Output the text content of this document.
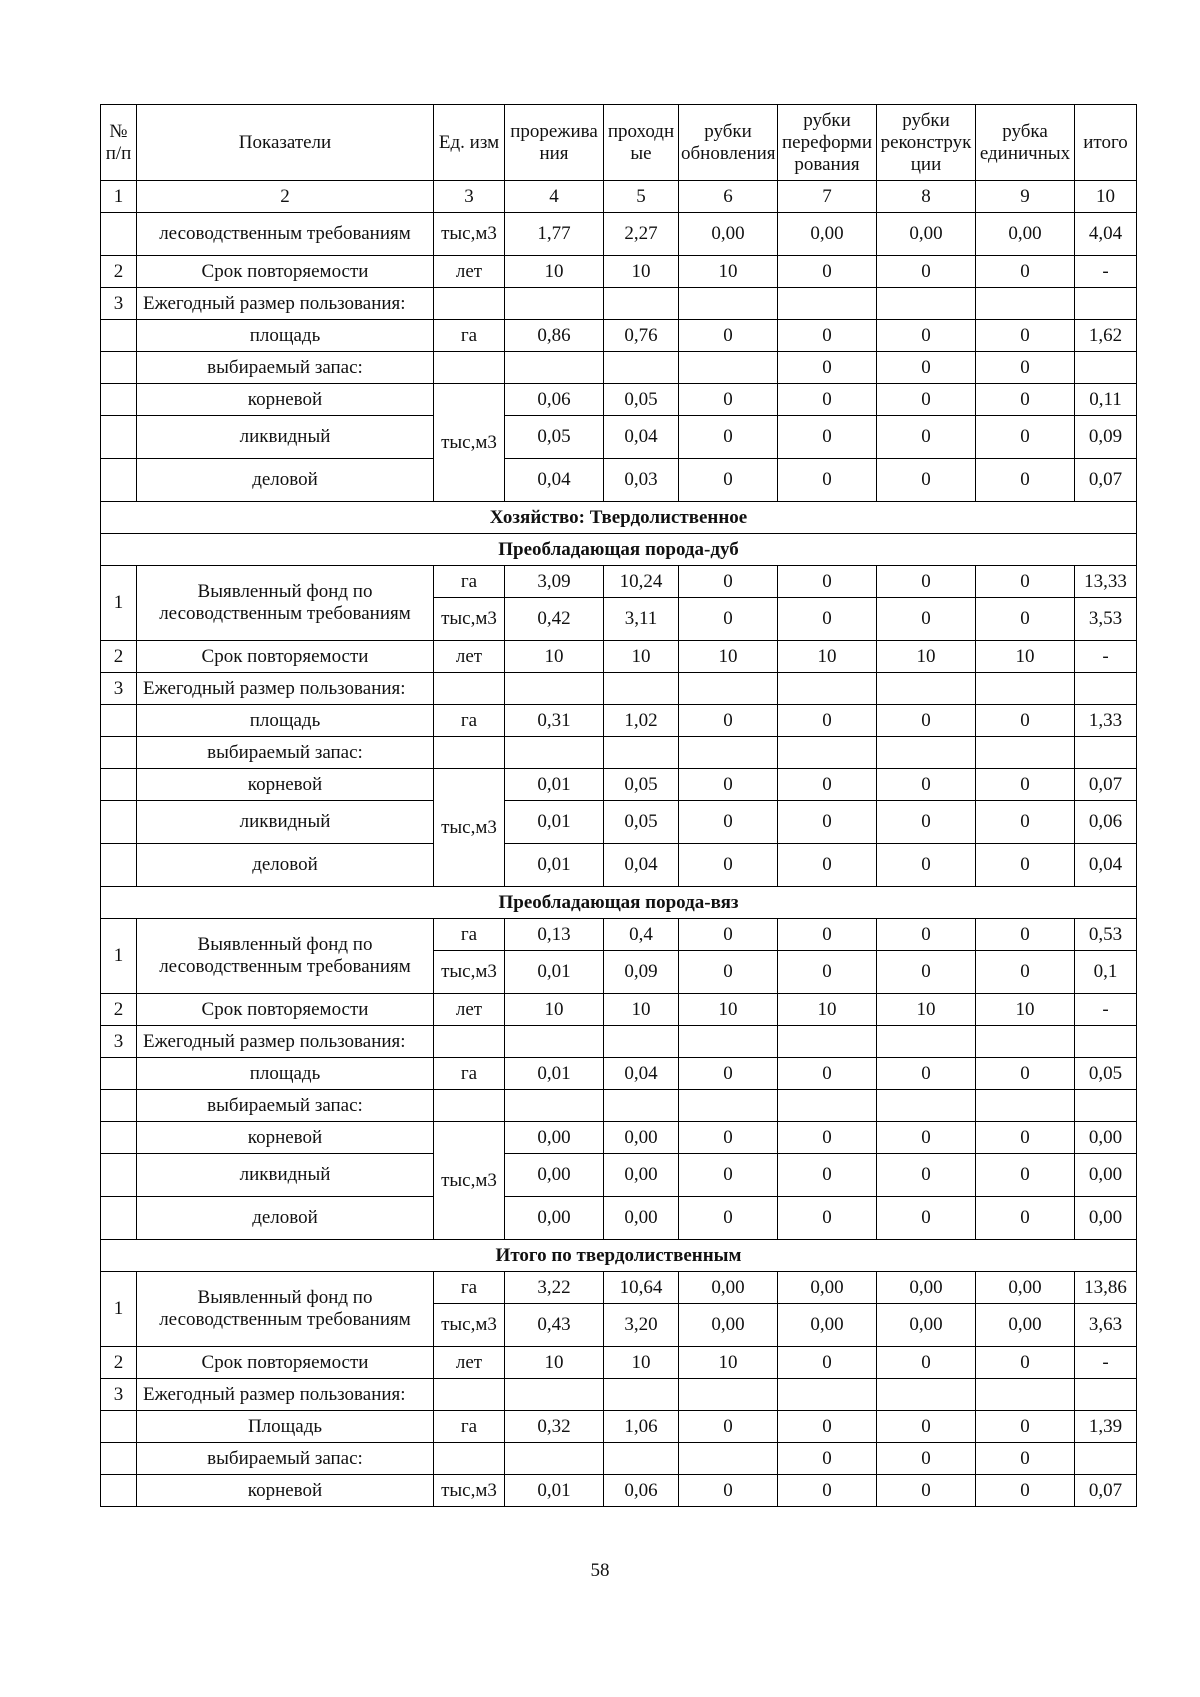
№ п/п	Показатели	Ед. изм	прорежива ния	проходн ые	рубки обновления	рубки переформи рования	рубки реконструк ции	рубка единичных	итого
1	2	3	4	5	6	7	8	9	10
	лесоводственным требованиям	тыс,м3	1,77	2,27	0,00	0,00	0,00	0,00	4,04
2	Срок повторяемости	лет	10	10	10	0	0	0	-
3	Ежегодный размер пользования:								
	площадь	га	0,86	0,76	0	0	0	0	1,62
	выбираемый запас:					0	0	0	
	корневой	тыс,м3	0,06	0,05	0	0	0	0	0,11
	ликвидный		0,05	0,04	0	0	0	0	0,09
	деловой		0,04	0,03	0	0	0	0	0,07
Хозяйство: Твердолиственное									
Преобладающая порода-дуб									
1	Выявленный фонд по лесоводственным требованиям	га	3,09	10,24	0	0	0	0	13,33
		тыс,м3	0,42	3,11	0	0	0	0	3,53
2	Срок повторяемости	лет	10	10	10	10	10	10	-
3	Ежегодный размер пользования:								
	площадь	га	0,31	1,02	0	0	0	0	1,33
	выбираемый запас:								
	корневой	тыс,м3	0,01	0,05	0	0	0	0	0,07
	ликвидный		0,01	0,05	0	0	0	0	0,06
	деловой		0,01	0,04	0	0	0	0	0,04
Преобладающая порода-вяз									
1	Выявленный фонд по лесоводственным требованиям	га	0,13	0,4	0	0	0	0	0,53
		тыс,м3	0,01	0,09	0	0	0	0	0,1
2	Срок повторяемости	лет	10	10	10	10	10	10	-
3	Ежегодный размер пользования:								
	площадь	га	0,01	0,04	0	0	0	0	0,05
	выбираемый запас:								
	корневой	тыс,м3	0,00	0,00	0	0	0	0	0,00
	ликвидный		0,00	0,00	0	0	0	0	0,00
	деловой		0,00	0,00	0	0	0	0	0,00
Итого по твердолиственным									
1	Выявленный фонд по лесоводственным требованиям	га	3,22	10,64	0,00	0,00	0,00	0,00	13,86
		тыс,м3	0,43	3,20	0,00	0,00	0,00	0,00	3,63
2	Срок повторяемости	лет	10	10	10	0	0	0	-
3	Ежегодный размер пользования:								
	Площадь	га	0,32	1,06	0	0	0	0	1,39
	выбираемый запас:					0	0	0	
	корневой	тыс,м3	0,01	0,06	0	0	0	0	0,07
58
